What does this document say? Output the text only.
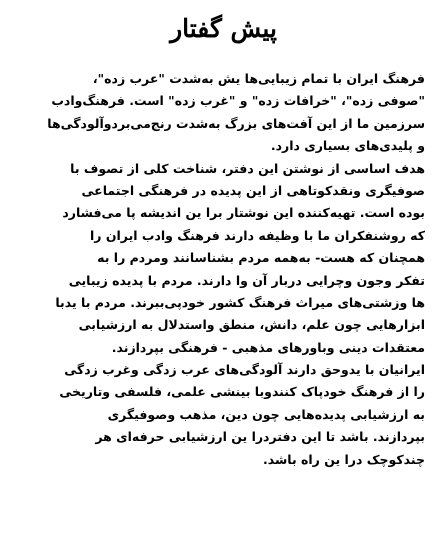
پیش گفتار
فرهنگ ایران با تمام زیبایی‌ها یش به‌شدت "عرب زده"،
"صوفی زده"، "خرافات زده" و "غرب زده" است. فرهنگ‌وادب
سرزمین ما از این آفت‌های بزرگ به‌شدت رنج‌می‌بردوآلودگی‌ها
و پلیدی‌های بسیاری دارد.
هدف اساسی از نوشتن این دفتر، شناخت کلی از تصوف با
صوفیگری ونقدکوتاهی از این پدیده در فرهنگی اجتماعی
بوده است. تهیه‌کننده این نوشتار برا ین اندیشه پا می‌فشارد
که روشنفکران ما با وظیفه دارند فرهنگ وادب ایران را
همچنان که هست- به‌همه مردم بشناسانند ومردم را به
تفکر وجون وچرایی دربار آن وا دارند. مردم با پدیده زیبایی‌
ها وزشتی‌های میراث فرهنگ کشور خودپی‌ببرند. مردم با یدبا
ابزارهایی چون علم، دانش، منطق واستدلال به ارزشیابی
معتقدات دینی وباورهای مذهبی - فرهنگی بپردازند.
ایرانیان با یدوحق دارند آلودگی‌های عرب زدگی وغرب زدگی
را از فرهنگ خودپاک کنندوبا بینشی علمی، فلسفی وتاریخی
به ارزشیابی پدیده‌هایی چون دین، مذهب وصوفیگری
بپردازند. باشد تا این دفتردرا ین ارزشیابی حرفه‌ای هر
چندکوچک درا ین راه باشد.
